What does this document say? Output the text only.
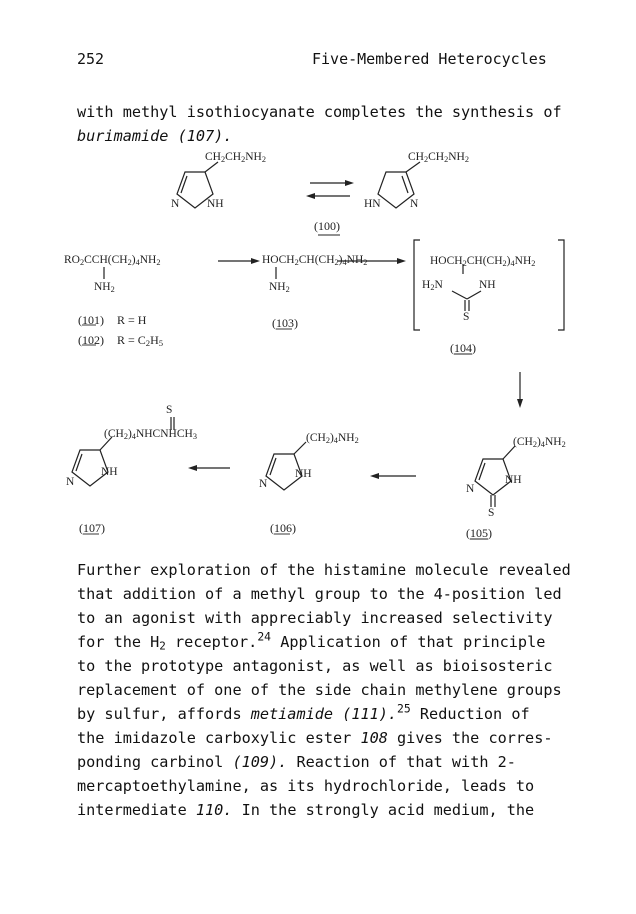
252	Five-Membered Heterocycles
with methyl isothiocyanate completes the synthesis of
burimamide (107).
$CH_2CH_2NH_2$
N NH
$CH_2CH_2NH_2$
HN	N
(100)
$RO_2CCH(CH_2)_4NH_2$
$NH_2$
(101) R = H
(102) $R = C_2H_5$
$HOCH_2CH(CH_2)_4NH_2$
$NH_2$
(103)
$HOCH_2CH(CH_2)_4NH_2$
$H_2N$	NH
S
(104)
S
$(CH_2)_4NHCNHCH_3$
N
NH
(107)
$(CH_2)_4NH_2$
N
NH
(106)
$(CH_2)_4NH_2$
N
NH
S
(105)
Further exploration of the histamine molecule revealed
that addition of a methyl group to the 4-position led
to an agonist with appreciably increased selectivity
for the $H_2$ receptor.$^{24}$ Application of that principle
to the prototype antagonist, as well as bioisosteric
replacement of one of the side chain methylene groups
by sulfur, affords metiamide (111).$^{25}$ Reduction of
the imidazole carboxylic ester 108 gives the corres-
ponding carbinol (109). Reaction of that with 2-
mercaptoethylamine, as its hydrochloride, leads to
intermediate 110. In the strongly acid medium, the
